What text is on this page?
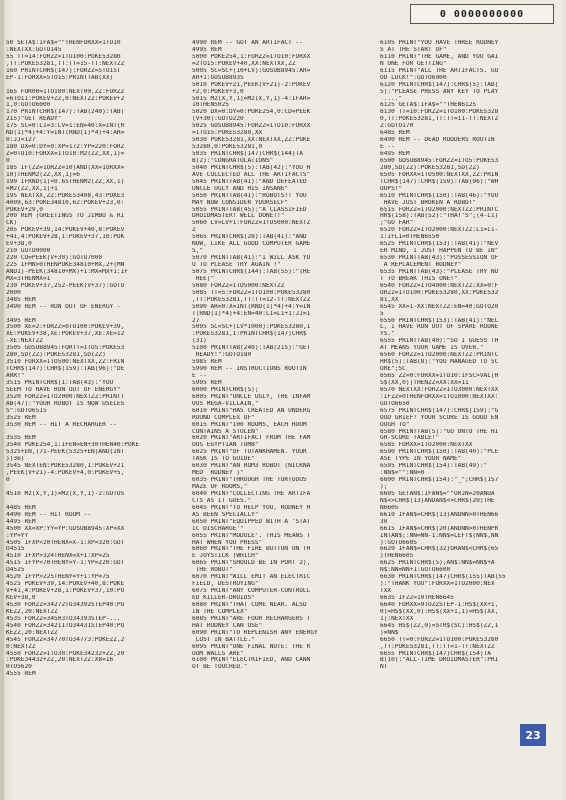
0 0000000000
50 SETA$:IFA$=""THENFORXX=1TO10
:NEXTXX:GOTO145
55 TT=14:FORZZ=1TO100:POKE53280
,TT:POKE53281,TT:TT=15-TT:NEXTZZ
160 PRINTCHR$(147):FORZZ=5TO15T
EP-1:FORXX=5TO15:PRINTTAB(XX)
165 FOR00=1TO100:NEXT00,ZZ:FORZZ
=6TO11:POKEV+ZZ,0:NEXTZZ:POKEV+2
1,0:GOTO6000
170 PRINTCHR$(147):TAB(240):TAB(
215)"GET READY"
175 SC=0:L1=3:LV=1:EN=40:X=INT(R
ND(1)*4)+4:Y=INT(RND(1)*4)+4:AR=
0:JJ=127
180 DX=0:DY=0:XP=172:YP=220:FORZ
Z=0TO10:FORXX=1TO10:M2(ZZ,XX,1)=
0
185 IF(ZZ=1ORZZ=10)AND(XX=1ORXX=
10)THENM2(ZZ,XX,1)=6
190 IFRND(1)<0.65THENM2(ZZ,XX,1)
=M2(ZZ,XX,1)+1
195 NEXTXX,ZZ:POKE53408,43:POKE3
4009,63:POKE34810,62:POKEV+23,0:
POKEV+29,0
200 REM (GREETINGS TO JIMBO & RI
CK)
205 POKEV+39,14:POKEV+40,8:POKEV
+41,4:POKEV+28,1:POKEV+37,10:POK
EV+38,0
210 GOTO0000
220 CD=PEEK(V+30):GOTO7000
225 IFMN>0THENPOKE34810+MX,2+(MN
AND1)-PEEK(34810+MX)+1:MX=MX+1:IF
MX=3THENMX=1
230 POKEV+37,252-PEEK(V+37):GOTO
2000
3485 REM
3490 REM -- RUN OUT OF ENERGY -
3495 REM
3500 XE=2:FORZZ=0TO100:POKEV+39,
XE:POKEV+38,XE:POKEV+37,XE:XE=12
-XE:NEXTZZ
3505 GOSUB8945:FORTT=1TO5:POKE53
280,SD(ZZ):POKE53281,SD(ZZ)
3510 FORXX=1TO500:NEXTXX,ZZ:FRIN
TCHR$(147):CHR$(159):TAB(96):"DE
ARR!"
3515 PRINTCHR$(1:TAB(43):"YOU
SEEM TO HAVE RUN OUT OF ENERGY"
3520 FORZZ=1TO2000:NEXTZZ:PRINTT
AB(47):"YOUR ROBOT IS NOW USELES
S":GOTO6515
3525 REM
3530 REM -- HIT A RECHARGER --
3535 REM
3540 POKE254,1:IFEN=EN+30THEN40:POKE
5325+EN,(71-PEEK(5325+EN)AND(INT
))36)
3545 NEXTEN:POKE53280,1:POKEV+21
,PEEK(V+21)-4:POKEV+4,0:POKEV+5,
0
4510 M2(X,Y,1)=M2(X,Y,1)-2:GOTO5
4485 REM
4490 REM -- HIT ROOM --
4495 REM
4500 XX=XP:YY=YP:GOSUB8945:XP=XX
:YP=YY
4505 IFXP<20THENX=X-1:XP=320:GOT
O4515
4510 IFXP>324THENX=X+1:XP=25
4515 IFYP<70THENY=Y-1:YP=220:GOT
O4525
4520 IFYP>225THENY=Y+1:YP=75
4525 POKEV+39,14:POKEV+40,8:POKE
V+41,4:POKEV+28,1:POKEV+37,10:PO
KEV+38,0
4530 FORZZ=34272TO34392STEP40:PO
KEZZ,20:NEXTZZ
4535 FORZZ=34503TO34393STEP-...
4540 FORZZ=34211TO34431STEP40:PO
KEZZ,20:NEXTZZ
4545 FORZZ=34770TO34773:POKEZZ,2
0:NEXTZZ
4550 FORZZ=1TO30:POKE34232+ZZ,20
:POKE34432+ZZ,20:NEXTZZ:X8=16
0TO5620
4555 REM
4990 REM -- GOT AN ARTIFACT --
4995 REM
5000 POKE254,1:FORZZ=1TO10:FORXX
=2TO15:POKEV+40,XX:NEXTXX,ZZ
5005 SC=SC+(10+LV):GOSUB8945:AR=
AR+1:GOSUB8935
5010 POKEV+21,PEEK(V+21)-2:POKEV
+2,0:POKEV+3,0
5015 M2(X,Y,1)=M2(X,Y,1)-4:IFAR=
10THEN5025
5020 DX=0:DY=0:POKE254,0:CD=PEEK
(V+30):GOTO220
5025 GOSUB8945:FORZZ=1TO10:FORXX
=1TO15:POKE53280,XX
5030 POKE53281,XX:NEXTXX,ZZ:POKE
53280,0:POKE53281,0
5035 PRINTCHR$(147)CHR$(144)TA
B(2):"CONGRATULATIONS"
5040 PRINTCHR$(5):TAB(42):"YOU H
AVE COLLECTED ALL THE ARTIFACTS"
5045 PRINTTAB(41):"AND DEFEATED
UNCLE UGLY AND HIS INSANE"
5050 PRINTTAB(41):"ROBOTS!! YOU
MAY NOW CONSIDER YOURSELF"
5055 PRINTTAB(45):"A CLASSIFIED
DROIDMASTER! WELL DONE!!"
5060 LV=LV+1:FORZZ=1TO5000:NEXTZ
Z
5065 PRINTCHR$(28):TAB(41):"AND
NOW, LIKE ALL GOOD COMPUTER GAME
S,"
5070 PRINTTAB(41):"I WILL ASK YO
U TO PLEASE TRY AGAIN !"
5075 PRINTCHR$(144):TAB(55):"(HE
HEE)"
5080 FORZZ=1TO5000:NEXTZZ
5085 TT=5:FORZZ=1TO100:POKE53280
,TT:POKE53281,TT:TT=12-TT:NEXTZZ
5090 AR=0:X=INT(RND(1)*4)+4:Y=IN
T(RND(1)*4)+4:EN=40:L1=L1+1:JJ=1
27
5095 SC=SC+(LV*1000):POKE53280,1
:POKE53281,1:PRINTCHR$(147)CHR$
(31)
5100 PRINTTAB(240):TAB(215):"GET
READY!":GOTO180
5985 REM
5990 REM -- INSTRUCTIONS ROUTIN
E --
5995 REM
6000 PRINTCHR$(5);
6005 PRINT"UNCLE UGLY, THE INFAM
OUS MEGA-VILLAIN,"
6010 PRINT"HAS CREATED AN UNDERG
ROUND COMPLEX OF"
6015 PRINT"100 ROOMS, EACH ROOM
CONTAINS A STOLEN"
6020 PRINT"ARTIFACT FROM THE FAM
OUS EGYPTIAN TOMB"
6025 PRINT"OF TUTANKHAMEN. YOUR
TASK IS TO GUIDE"
6030 PRINT"AN ROM3 ROBOT (NICKNA
MED  RODNEY )"
6035 PRINT"THROUGH THE TORTUOUS
MAZE OF ROOMS,"
6040 PRINT"COLLECTING THE ARTIFA
CTS AS IT GOES."
6045 PRINT"TO HELP YOU, RODNEY H
AS BEEN SPECIALLY"
6050 PRINT"EQUIPPED WITH A 'STAT
IC DISCHARGE'"
6055 PRINT"MODULE'. THIS MEANS T
HAT WHEN YOU PRESS"
6060 PRINT"THE FIRE BUTTON ON TH
E JOYSTICK (WHICH"
6065 PRINT"SHOULD BE IN PORT 2),
THE ROBOT"
6070 PRINT"WILL EMIT AN ELECTRIC
FIELD, DESTROYING"
6075 PRINT"ANY COMPUTER-CONTROLL
ED KILLER-DROIDS"
6080 PRINT"THAT COME NEAR. ALSO
IN THE COMPLEX"
6085 PRINT"ARE FOUR RECHARGERS T
HAT RODNEY CAN USE"
6090 PRINT"TO REPLENISH ANY ENERGY
LOST IN BATTLE."
6095 PRINT"ONE FINAL NOTE: THE R
OOM WALLS ARE"
6100 PRINT"ELECTRIFIED, AND CANN
OT BE TOUCHED."
6105 PRINT"YOU HAVE THREE RODNEY
S AT THE START OF"
6110 PRINT"THE GAME, AND YOU GAI
N ONE FOR GETTING"
6115 PRINT"ALL THE ARTIFACTS. GO
OD LUCK!":GOTO6900
6120 PRINTCHR$(147):CHR$(5):TAB(
5):"PLEASE PRESS ANY KEY TO PLAY
...."
6125 GETA$:IFA$=""THEN6125
6130 TT=10:FORZZ=1TO100:POKE5328
0,TT:POKE53281,TT:TT=11-TT:NEXTZ
Z:GOTO170
6485 REM
6490 REM -- DEAD RODDERS ROUTIN
E --
6495 REM
6500 GOSUB8945:FORZZ=1TO5:POKE53
280,SD(ZZ):POKE53281,SD(ZZ)
6505 FORXX=1TO500:NEXTXX,ZZ:PRIN
TCHR$(147):CHR$(159):TAB(96):"WH
OOPS!"
6510 PRINTCHR$(150):TAB(46):"YOU
HAVE JUST BROKEN A ROBOT"
6515 FORZZ=1TO2000:NEXTZZ:PRINTC
HR$(158):TAB(52):"THAT'S";(4-L1)
;"GO FAR"
6520 FORZZ=1TO2000:NEXTZZ:L1=L1-
1:IFL1=0THEN6550
6525 PRINTCHR$(153):TAB(41):"NEV
ER MIND, I JUST HAPPEN TO BE IN"
6530 PRINTTAB(43):"POSSESSION OF
A REPLACEMENT RODNEY"
6535 PRINTTAB(43):"PLEASE TRY NO
T TO BREAK THIS ONE!"
6540 FORZZ=1TO4000:NEXTZZ:XX=0:F
ORZZ=1TO100:POKE53280,XX:POKE532
81,XX
6545 XX=1-XX:NEXTZZ:EN=40:GOTO20
5
6550 PRINTCHR$(153):TAB(41):"NEL
L, I HAVE RUN OUT OF SPARE RODNE
YS."
6555 PRINTTAB(40):"SO I GUESS TH
AT MEANS YOUR GAME IS OVER."
6560 FORZZ=1TO2000:NEXTZZ:PRINTC
HR$(5):TAB(8):"YOU MANAGED TO SC
ORE";SC
6565 ZZ=0:FORXX=1TO10:IFSC>VAL(H
S$(XX,0))THENZZ=XX:XX=11
6570 NEXTXX:FORZZ=1TO3000:NEXTXX
:IFZZ=0THENFORXX=1TO1000:NEXTXX:
GOTO6650
6575 PRINTCHR$(147):CHR$(159):"G
OOD GRIEF! YOUR SCORE IS GOOD EN
OUGH TO"
6580 PRINTTAB(5):"GO ONTO THE HI
GH-SCORE TABLE!"
6585 FORXX=1TO2000:NEXTXX
6590 PRINTCHR$(150):TAB(40):"PLE
ASE TYPE IN YOUR NAME"
6595 PRINTCHR$(154):TAB(49):"
:NN$="":NN=0
6600 PRINTCHR$(154):"_";CHR$(157
);
6605 GETAN$:IFAN$=""ORJN=20ANDA
N$<>CHR$(13)ANDAN$<>CHR$(20)THE
N6605
6610 IFAN$=CHR$(13)ANDNN>0THEN66
30
6615 IFAN$=CHR$(20)ANDNN>0THENPR
INTAN$;:NN=NN-1:NN$=LEFT$(NN$,NN
):GOTO6605
6620 IFAN$=CHR$(32)ORAN$<CHR$(65
)THEN6605
6625 PRINTCHR$(5);AN$:NN$=NN$+A
N$:NN=NN+1:GOTO6600
6630 PRINTCHR$(147)CHR$(155)TAB(55
):"THANK YOU":FORXX=1TO2000:NEX
TXX
6635 IFZZ=10THEN6645
6640 FORXX=9TOZZSTEP-1:HS$(XX+1,
0)=HS$(XX,0):HS$(XX+1,1)=HS$(XX,
1):NEXTXX
6645 HS$(ZZ,0)=STR$(SC):HS$(ZZ,1
)=NN$
6650 TT=0:FORZZ=1TO100:POKE53280
,TT:POKE53281,TT:TT=1-TT:NEXTZZ
6655 PRINTCHR$(147)CHR$(154)TA
B(10):"ALL-TIME DROIDMASTER":PRI
NT
23
